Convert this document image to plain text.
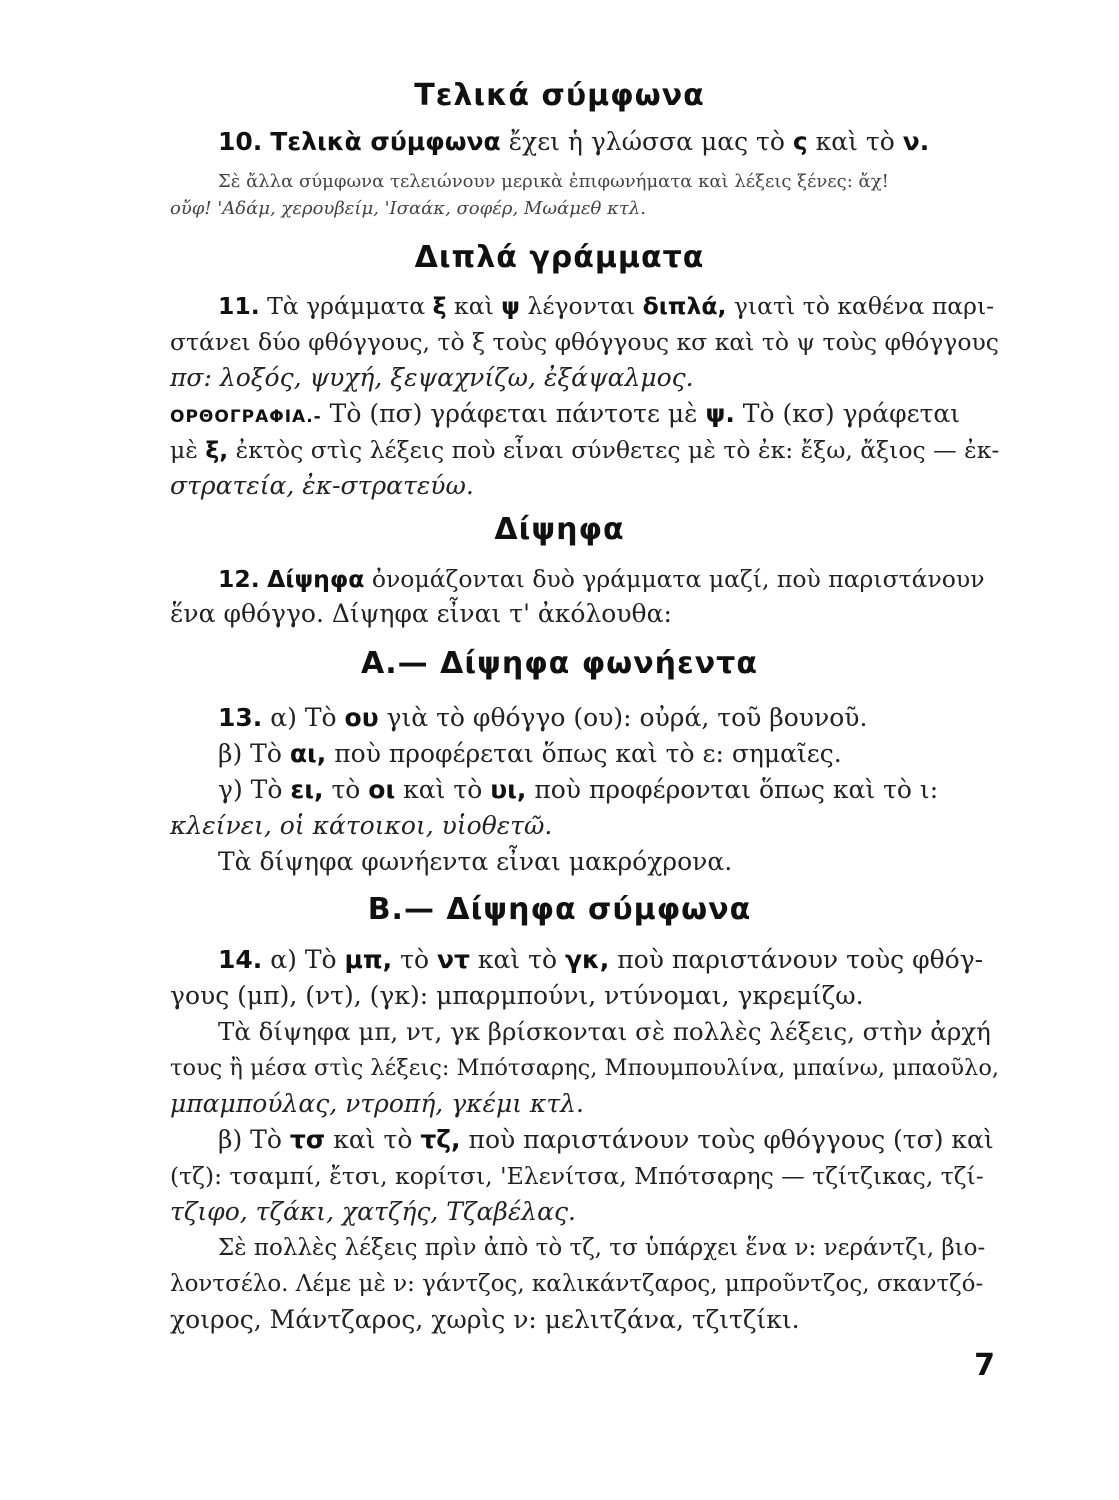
Τελικά σύμφωνα
10. Τελικὰ σύμφωνα ἔχει ἡ γλώσσα μας τὸ ς καὶ τὸ ν.
Σὲ ἄλλα σύμφωνα τελειώνουν μερικὰ ἐπιφωνήματα καὶ λέξεις ξένες: ἄχ!
οὔφ! 'Αδάμ, χερουβείμ, 'Ισαάκ, σοφέρ, Μωάμεθ κτλ.
Διπλά γράμματα
11. Τὰ γράμματα ξ καὶ ψ λέγονται διπλά, γιατὶ τὸ καθένα παρι-
στάνει δύο φθόγγους, τὸ ξ τοὺς φθόγγους κσ καὶ τὸ ψ τοὺς φθόγγους
πσ: λοξός, ψυχή, ξεψαχνίζω, ἐξάψαλμος.
ΟΡΘΟΓΡΑΦΙΑ.- Τὸ (πσ) γράφεται πάντοτε μὲ ψ. Τὸ (κσ) γράφεται
μὲ ξ, ἐκτὸς στὶς λέξεις ποὺ εἶναι σύνθετες μὲ τὸ ἐκ: ἔξω, ἄξιος — ἐκ-
στρατεία, ἐκ-στρατεύω.
Δίψηφα
12. Δίψηφα ὀνομάζονται δυὸ γράμματα μαζί, ποὺ παριστάνουν
ἕνα φθόγγο. Δίψηφα εἶναι τ' ἀκόλουθα:
Α.— Δίψηφα φωνήεντα
13. α) Τὸ ου γιὰ τὸ φθόγγο (ου): οὐρά, τοῦ βουνοῦ.
β) Τὸ αι, ποὺ προφέρεται ὅπως καὶ τὸ ε: σημαῖες.
γ) Τὸ ει, τὸ οι καὶ τὸ υι, ποὺ προφέρονται ὅπως καὶ τὸ ι:
κλείνει, οἱ κάτοικοι, υἱοθετῶ.
Τὰ δίψηφα φωνήεντα εἶναι μακρόχρονα.
Β.— Δίψηφα σύμφωνα
14. α) Τὸ μπ, τὸ ντ καὶ τὸ γκ, ποὺ παριστάνουν τοὺς φθόγ-
γους (μπ), (ντ), (γκ): μπαρμπούνι, ντύνομαι, γκρεμίζω.
Τὰ δίψηφα μπ, ντ, γκ βρίσκονται σὲ πολλὲς λέξεις, στὴν ἀρχή
τους ἢ μέσα στὶς λέξεις: Μπότσαρης, Μπουμπουλίνα, μπαίνω, μπαοῦλο,
μπαμπούλας, ντροπή, γκέμι κτλ.
β) Τὸ τσ καὶ τὸ τζ, ποὺ παριστάνουν τοὺς φθόγγους (τσ) καὶ
(τζ): τσαμπί, ἔτσι, κορίτσι, 'Ελενίτσα, Μπότσαρης — τζίτζικας, τζί-
τζιφο, τζάκι, χατζής, Τζαβέλας.
Σὲ πολλὲς λέξεις πρὶν ἀπὸ τὸ τζ, τσ ὑπάρχει ἕνα ν: νεράντζι, βιο-
λοντσέλο. Λέμε μὲ ν: γάντζος, καλικάντζαρος, μπροῦντζος, σκαντζό-
χοιρος, Μάντζαρος, χωρὶς ν: μελιτζάνα, τζιτζίκι.
7
